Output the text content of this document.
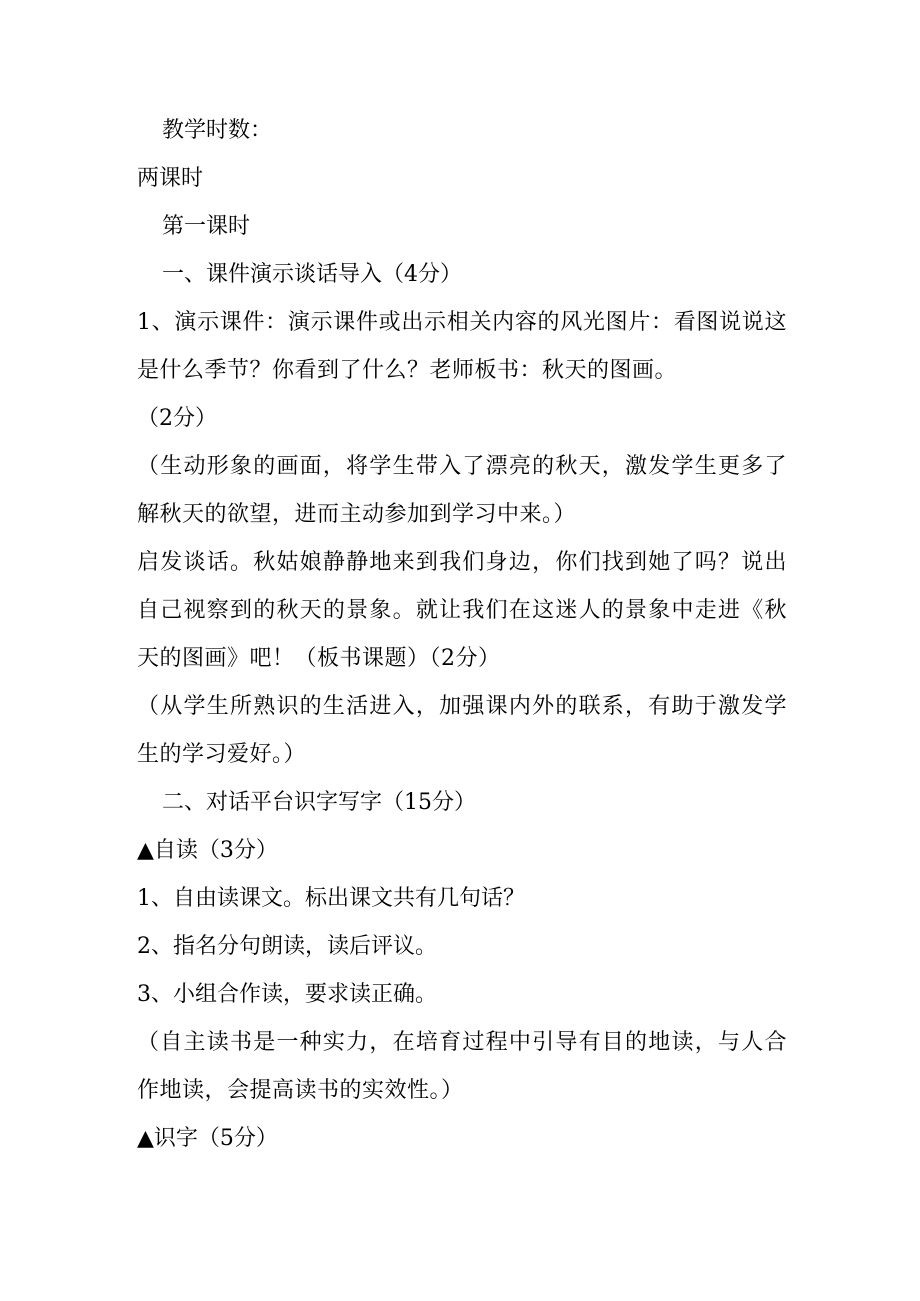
教学时数：
两课时
第一课时
一、课件演示谈话导入（4分）
1、演示课件：演示课件或出示相关内容的风光图片：看图说说这是什么季节？你看到了什么？老师板书：秋天的图画。
（2分）
（生动形象的画面，将学生带入了漂亮的秋天，激发学生更多了解秋天的欲望，进而主动参加到学习中来。）
启发谈话。秋姑娘静静地来到我们身边，你们找到她了吗？说出自己视察到的秋天的景象。就让我们在这迷人的景象中走进《秋天的图画》吧！（板书课题）（2分）
（从学生所熟识的生活进入，加强课内外的联系，有助于激发学生的学习爱好。）
二、对话平台识字写字（15分）
▲自读（3分）
1、自由读课文。标出课文共有几句话？
2、指名分句朗读，读后评议。
3、小组合作读，要求读正确。
（自主读书是一种实力，在培育过程中引导有目的地读，与人合作地读，会提高读书的实效性。）
▲识字（5分）
